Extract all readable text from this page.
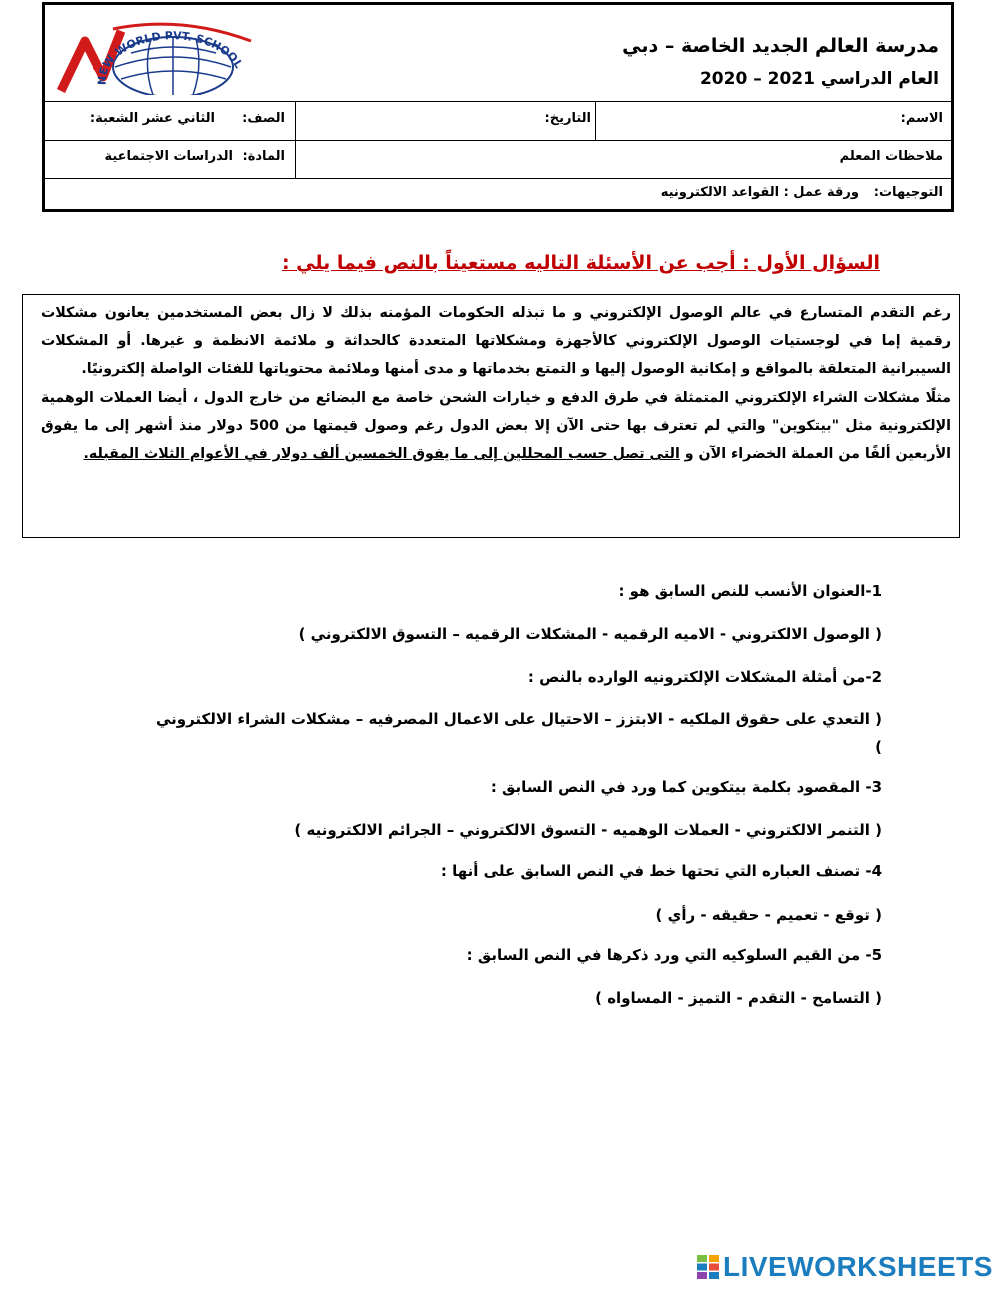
NEW WORLD PVT. SCHOOL
م
مدرسة العالم الجديد الخاصة – دبي
العام الدراسي 2021 – 2020
الاسم:
التاريخ:
الصف:
الثاني عشر الشعبة:
ملاحظات المعلم
المادة:
الدراسات الاجتماعية
التوجيهات:
ورقة عمل : القواعد الالكترونيه
السؤال الأول : أجب عن الأسئلة التاليه مستعيناً بالنص فيما يلي :
رغم التقدم المتسارع في عالم الوصول الإلكتروني و ما تبذله الحكومات المؤمنه بذلك لا زال بعض المستخدمين يعانون مشكلات رقمية إما في لوجستيات الوصول الإلكتروني كالأجهزة ومشكلاتها المتعددة كالحداثة و ملائمة الانظمة و غيرها. أو المشكلات السيبرانية المتعلقة بالمواقع و إمكانية الوصول إليها و التمتع بخدماتها و مدى أمنها وملائمة محتوياتها للفئات الواصلة إلكترونيًا.
مثلًا مشكلات الشراء الإلكتروني المتمثلة في طرق الدفع و خيارات الشحن خاصة مع البضائع من خارج الدول ، أيضا العملات الوهمية الإلكترونية مثل "بيتكوين" والتي لم تعترف بها حتى الآن إلا بعض الدول رغم وصول قيمتها من 500 دولار منذ أشهر إلى ما يفوق الأربعين ألفًا من العملة الخضراء الآن و التى تصل حسب المحللين إلى ما يفوق الخمسين ألف دولار في الأعوام الثلاث المقبله.
1-العنوان الأنسب للنص السابق هو :
( الوصول الالكتروني - الاميه الرقميه - المشكلات الرقميه – التسوق الالكتروني )
2-من أمثلة المشكلات الإلكترونيه الوارده بالنص :
( التعدي على حقوق الملكيه - الابتزز – الاحتيال على الاعمال المصرفيه – مشكلات الشراء الالكتروني
)
3- المقصود بكلمة بيتكوين كما ورد في النص السابق :
( التنمر الالكتروني - العملات الوهميه - التسوق الالكتروني – الجرائم الالكترونيه )
4- تصنف العباره التي تحتها خط في النص السابق على أنها :
( توقع - تعميم - حقيقه - رأي )
5- من القيم السلوكيه التي ورد ذكرها في النص السابق :
( التسامح - التقدم - التميز - المساواه )
LIVEWORKSHEETS
